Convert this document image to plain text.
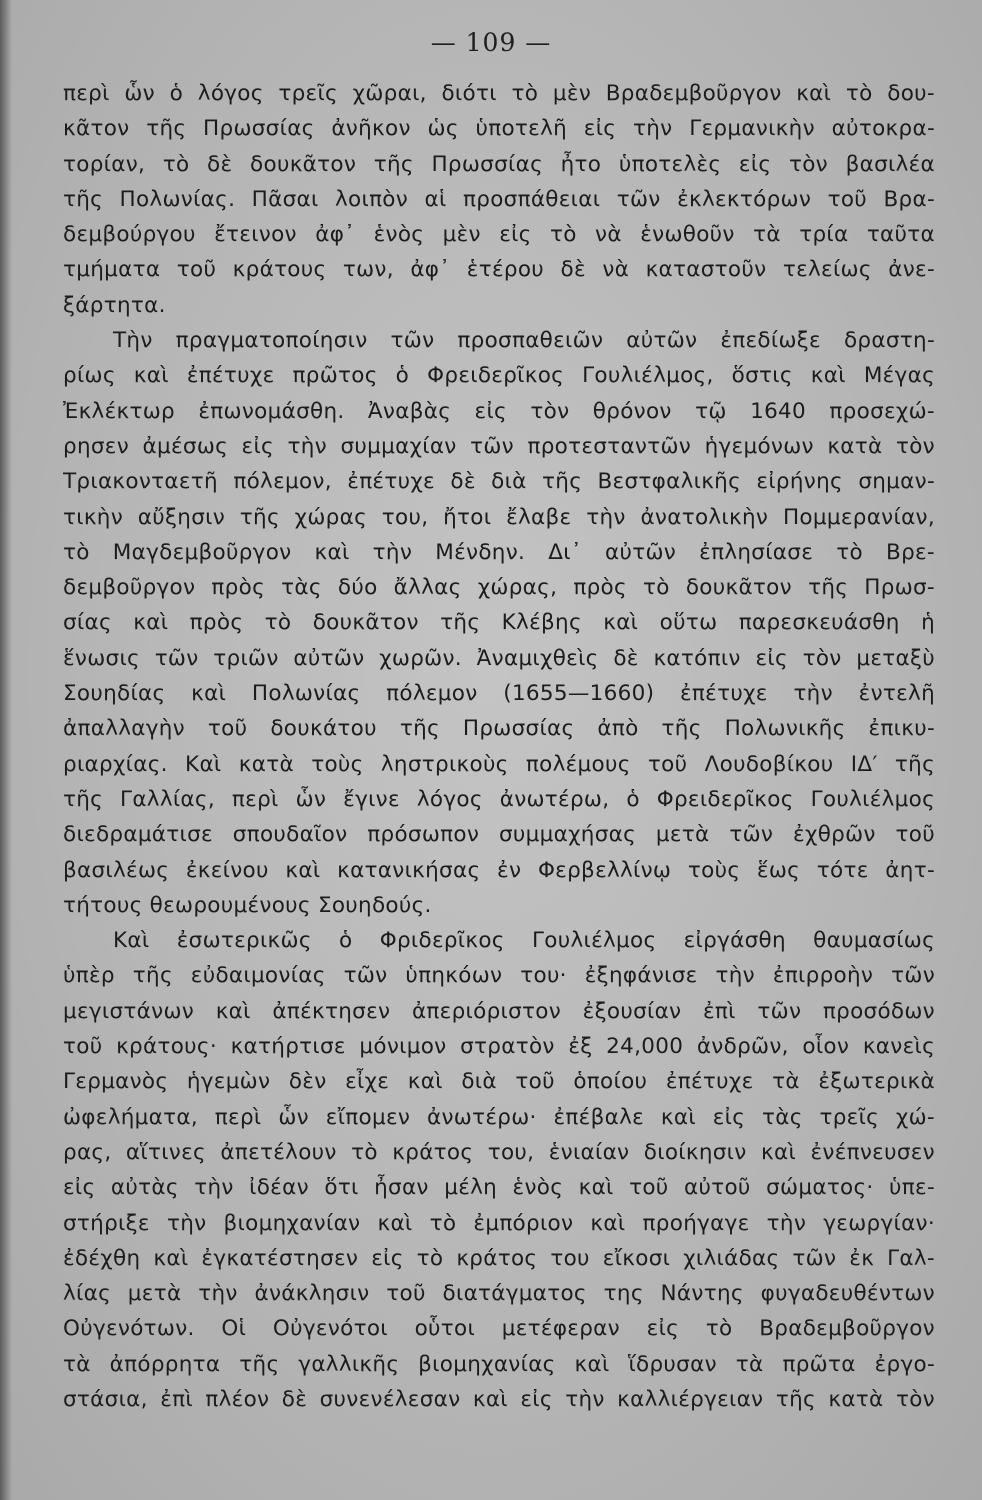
— 109 —
περὶ ὧν ὁ λόγος τρεῖς χῶραι, διότι τὸ μὲν Βραδεμβοῦργον καὶ τὸ δου-
κᾶτον τῆς Πρωσσίας ἀνῆκον ὡς ὑποτελῆ εἰς τὴν Γερμανικὴν αὐτοκρα-
τορίαν, τὸ δὲ δουκᾶτον τῆς Πρωσσίας ἦτο ὑποτελὲς εἰς τὸν βασιλέα
τῆς Πολωνίας. Πᾶσαι λοιπὸν αἱ προσπάθειαι τῶν ἐκλεκτόρων τοῦ Βρα-
δεμβούργου ἔτεινον ἀφ᾽ ἑνὸς μὲν εἰς τὸ νὰ ἑνωθοῦν τὰ τρία ταῦτα
τμήματα τοῦ κράτους των, ἀφ᾽ ἑτέρου δὲ νὰ καταστοῦν τελείως ἀνε-
ξάρτητα.
Τὴν πραγματοποίησιν τῶν προσπαθειῶν αὐτῶν ἐπεδίωξε δραστη-
ρίως καὶ ἐπέτυχε πρῶτος ὁ Φρειδερῖκος Γουλιέλμος, ὅστις καὶ Μέγας
Ἐκλέκτωρ ἐπωνομάσθη. Ἀναβὰς εἰς τὸν θρόνον τῷ 1640 προσεχώ-
ρησεν ἀμέσως εἰς τὴν συμμαχίαν τῶν προτεσταντῶν ἡγεμόνων κατὰ τὸν
Τριακονταετῆ πόλεμον, ἐπέτυχε δὲ διὰ τῆς Βεστφαλικῆς εἰρήνης σημαν-
τικὴν αὔξησιν τῆς χώρας του, ἤτοι ἔλαβε τὴν ἀνατολικὴν Πομμερανίαν,
τὸ Μαγδεμβοῦργον καὶ τὴν Μένδην. Δι᾽ αὐτῶν ἐπλησίασε τὸ Βρε-
δεμβοῦργον πρὸς τὰς δύο ἄλλας χώρας, πρὸς τὸ δουκᾶτον τῆς Πρωσ-
σίας καὶ πρὸς τὸ δουκᾶτον τῆς Κλέβης καὶ οὕτω παρεσκευάσθη ἡ
ἕνωσις τῶν τριῶν αὐτῶν χωρῶν. Ἀναμιχθεὶς δὲ κατόπιν εἰς τὸν μεταξὺ
Σουηδίας καὶ Πολωνίας πόλεμον (1655—1660) ἐπέτυχε τὴν ἐντελῆ
ἀπαλλαγὴν τοῦ δουκάτου τῆς Πρωσσίας ἀπὸ τῆς Πολωνικῆς ἐπικυ-
ριαρχίας. Καὶ κατὰ τοὺς ληστρικοὺς πολέμους τοῦ Λουδοβίκου ΙΔ′ τῆς
τῆς Γαλλίας, περὶ ὧν ἔγινε λόγος ἀνωτέρω, ὁ Φρειδερῖκος Γουλιέλμος
διεδραμάτισε σπουδαῖον πρόσωπον συμμαχήσας μετὰ τῶν ἐχθρῶν τοῦ
βασιλέως ἐκείνου καὶ κατανικήσας ἐν Φερβελλίνῳ τοὺς ἕως τότε ἀητ-
τήτους θεωρουμένους Σουηδούς.
Καὶ ἐσωτερικῶς ὁ Φριδερῖκος Γουλιέλμος εἰργάσθη θαυμασίως
ὑπὲρ τῆς εὐδαιμονίας τῶν ὑπηκόων του· ἐξηφάνισε τὴν ἐπιρροὴν τῶν
μεγιστάνων καὶ ἀπέκτησεν ἀπεριόριστον ἐξουσίαν ἐπὶ τῶν προσόδων
τοῦ κράτους· κατήρτισε μόνιμον στρατὸν ἐξ 24,000 ἀνδρῶν, οἷον κανεὶς
Γερμανὸς ἡγεμὼν δὲν εἶχε καὶ διὰ τοῦ ὁποίου ἐπέτυχε τὰ ἐξωτερικὰ
ὠφελήματα, περὶ ὧν εἴπομεν ἀνωτέρω· ἐπέβαλε καὶ εἰς τὰς τρεῖς χώ-
ρας, αἵτινες ἀπετέλουν τὸ κράτος του, ἑνιαίαν διοίκησιν καὶ ἐνέπνευσεν
εἰς αὐτὰς τὴν ἰδέαν ὅτι ἦσαν μέλη ἑνὸς καὶ τοῦ αὐτοῦ σώματος· ὑπε-
στήριξε τὴν βιομηχανίαν καὶ τὸ ἐμπόριον καὶ προήγαγε τὴν γεωργίαν·
ἐδέχθη καὶ ἐγκατέστησεν εἰς τὸ κράτος του εἴκοσι χιλιάδας τῶν ἐκ Γαλ-
λίας μετὰ τὴν ἀνάκλησιν τοῦ διατάγματος της Νάντης φυγαδευθέντων
Οὐγενότων. Οἱ Οὐγενότοι οὗτοι μετέφεραν εἰς τὸ Βραδεμβοῦργον
τὰ ἀπόρρητα τῆς γαλλικῆς βιομηχανίας καὶ ἵδρυσαν τὰ πρῶτα ἐργο-
στάσια, ἐπὶ πλέον δὲ συνενέλεσαν καὶ εἰς τὴν καλλιέργειαν τῆς κατὰ τὸν
